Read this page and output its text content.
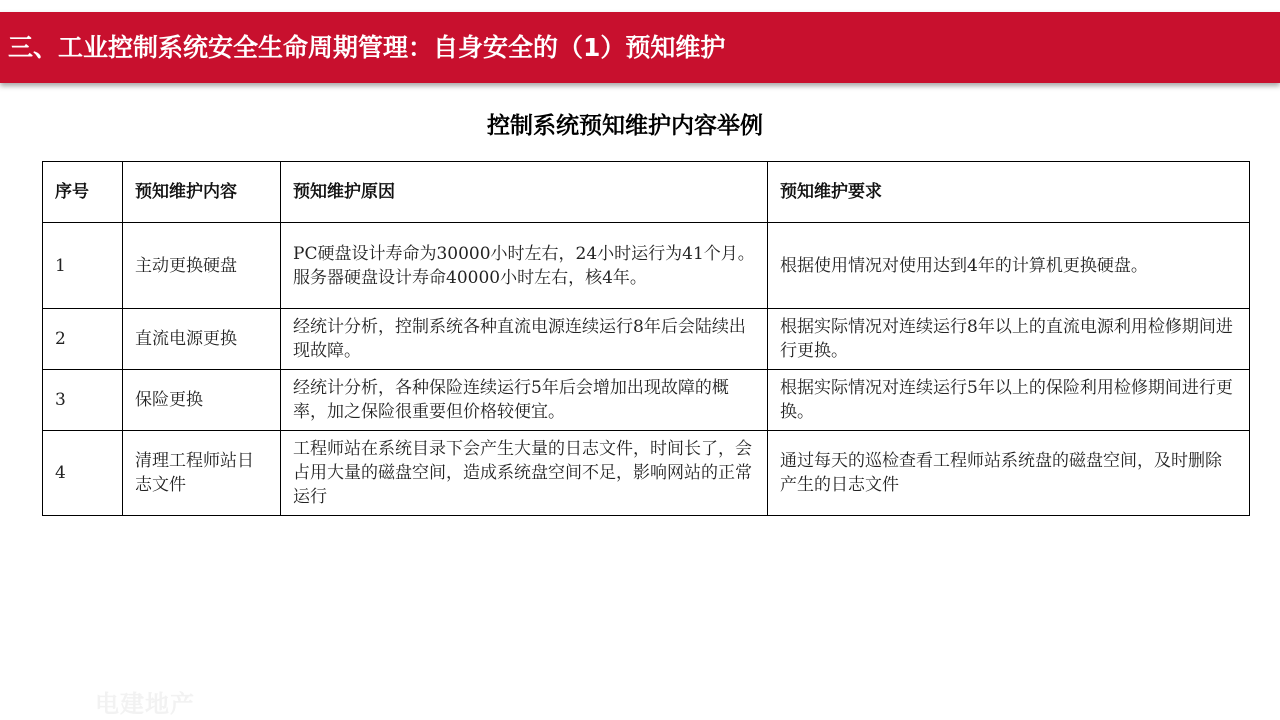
三、工业控制系统安全生命周期管理：自身安全的（1）预知维护
控制系统预知维护内容举例
序号	预知维护内容	预知维护原因	预知维护要求
1	主动更换硬盘	PC硬盘设计寿命为30000小时左右，24小时运行为41个月。服务器硬盘设计寿命40000小时左右，核4年。	根据使用情况对使用达到4年的计算机更换硬盘。
2	直流电源更换	经统计分析，控制系统各种直流电源连续运行8年后会陆续出现故障。	根据实际情况对连续运行8年以上的直流电源利用检修期间进行更换。
3	保险更换	经统计分析，各种保险连续运行5年后会增加出现故障的概率，加之保险很重要但价格较便宜。	根据实际情况对连续运行5年以上的保险利用检修期间进行更换。
4	清理工程师站日志文件	工程师站在系统目录下会产生大量的日志文件，时间长了，会占用大量的磁盘空间，造成系统盘空间不足，影响网站的正常运行	通过每天的巡检查看工程师站系统盘的磁盘空间，及时删除产生的日志文件
电建地产
